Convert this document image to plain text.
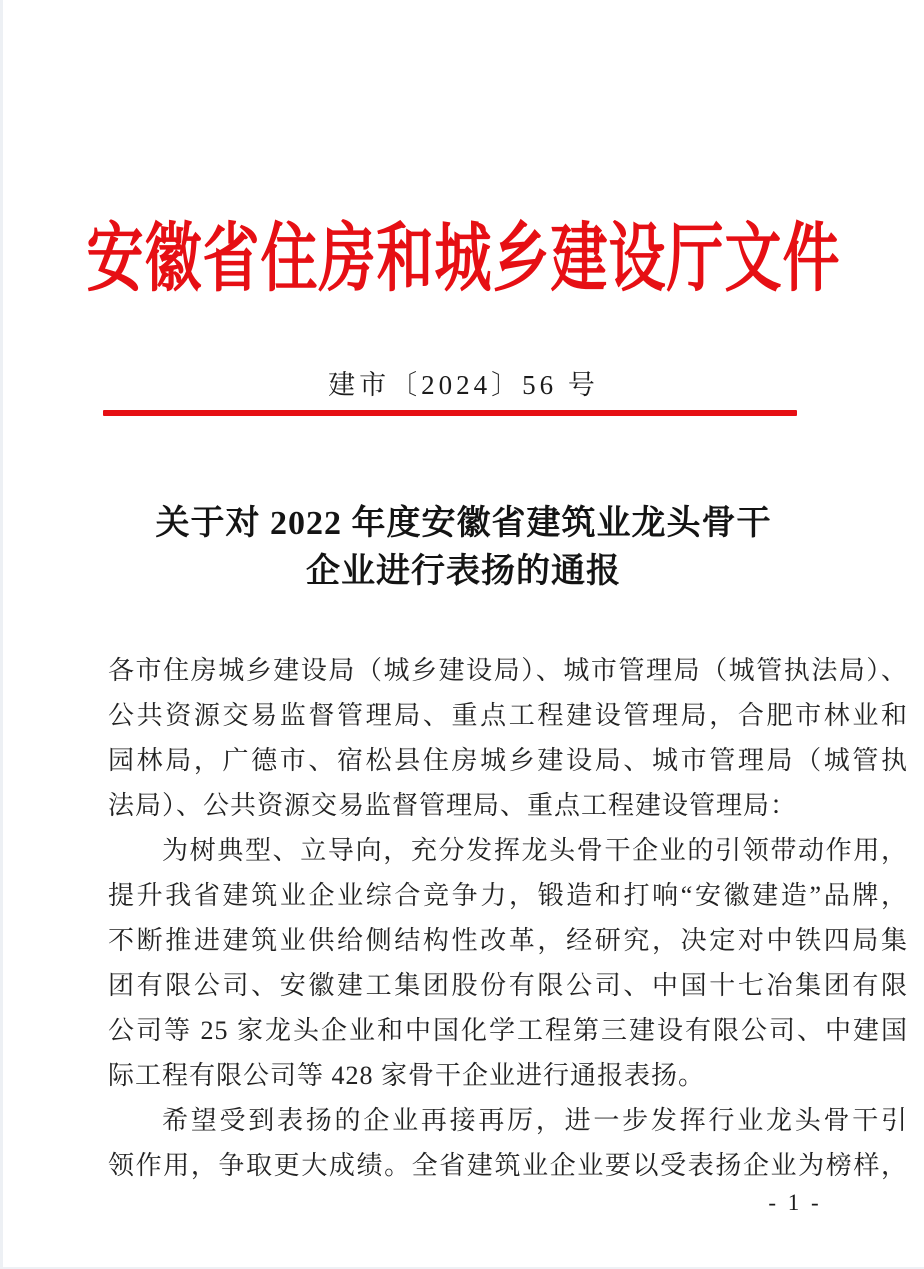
安徽省住房和城乡建设厅文件
建市〔2024〕56 号
关于对 2022 年度安徽省建筑业龙头骨干
企业进行表扬的通报
各市住房城乡建设局（城乡建设局）、城市管理局（城管执法局）、
公共资源交易监督管理局、重点工程建设管理局，合肥市林业和
园林局，广德市、宿松县住房城乡建设局、城市管理局（城管执
法局）、公共资源交易监督管理局、重点工程建设管理局：
为树典型、立导向，充分发挥龙头骨干企业的引领带动作用，
提升我省建筑业企业综合竞争力，锻造和打响“安徽建造”品牌，
不断推进建筑业供给侧结构性改革，经研究，决定对中铁四局集
团有限公司、安徽建工集团股份有限公司、中国十七冶集团有限
公司等 25 家龙头企业和中国化学工程第三建设有限公司、中建国
际工程有限公司等 428 家骨干企业进行通报表扬。
希望受到表扬的企业再接再厉，进一步发挥行业龙头骨干引
领作用，争取更大成绩。全省建筑业企业要以受表扬企业为榜样，
- 1 -
